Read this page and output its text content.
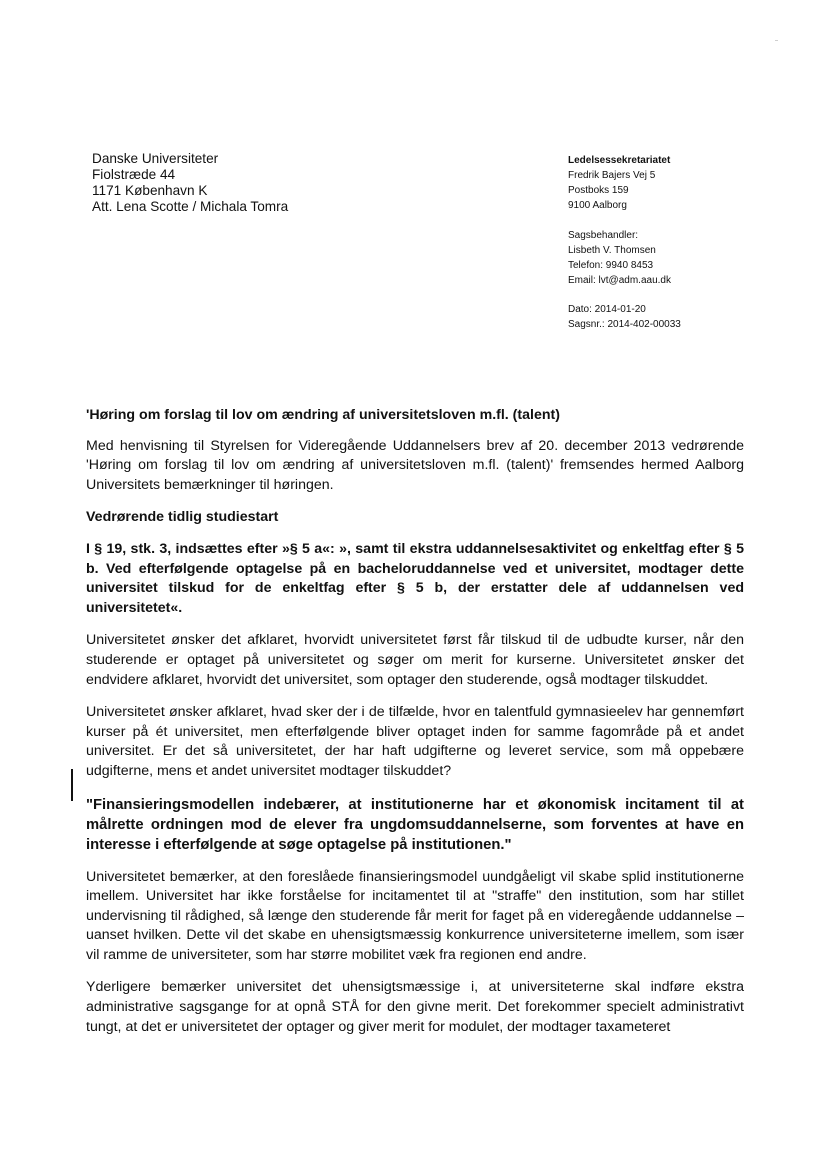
Danske Universiteter
Fiolstræde 44
1171 København K
Att. Lena Scotte / Michala Tomra
Ledelsessekretariatet
Fredrik Bajers Vej 5
Postboks 159
9100 Aalborg
Sagsbehandler:
Lisbeth V. Thomsen
Telefon: 9940 8453
Email: lvt@adm.aau.dk
Dato: 2014-01-20
Sagsnr.: 2014-402-00033
'Høring om forslag til lov om ændring af universitetsloven m.fl. (talent)

Med henvisning til Styrelsen for Videregående Uddannelsers brev af 20. december 2013 vedrørende 'Høring om forslag til lov om ændring af universitetsloven m.fl. (talent)' fremsendes hermed Aalborg Universitets bemærkninger til høringen.

Vedrørende tidlig studiestart

I § 19, stk. 3, indsættes efter »§ 5 a«: », samt til ekstra uddannelsesaktivitet og enkeltfag efter § 5 b. Ved efterfølgende optagelse på en bacheloruddannelse ved et universitet, modtager dette universitet tilskud for de enkeltfag efter § 5 b, der erstatter dele af uddannelsen ved universitetet«.

Universitetet ønsker det afklaret, hvorvidt universitetet først får tilskud til de udbudte kurser, når den studerende er optaget på universitetet og søger om merit for kurserne. Universitetet ønsker det endvidere afklaret, hvorvidt det universitet, som optager den studerende, også modtager tilskuddet.

Universitetet ønsker afklaret, hvad sker der i de tilfælde, hvor en talentfuld gymnasieelev har gennemført kurser på ét universitet, men efterfølgende bliver optaget inden for samme fagområde på et andet universitet. Er det så universitetet, der har haft udgifterne og leveret service, som må oppebære udgifterne, mens et andet universitet modtager tilskuddet?

"Finansieringsmodellen indebærer, at institutionerne har et økonomisk incitament til at målrette ordningen mod de elever fra ungdomsuddannelserne, som forventes at have en interesse i efterfølgende at søge optagelse på institutionen."

Universitetet bemærker, at den foreslåede finansieringsmodel uundgåeligt vil skabe splid institutionerne imellem. Universitet har ikke forståelse for incitamentet til at "straffe" den institution, som har stillet undervisning til rådighed, så længe den studerende får merit for faget på en videregående uddannelse – uanset hvilken. Dette vil det skabe en uhensigtsmæssig konkurrence universiteterne imellem, som især vil ramme de universiteter, som har større mobilitet væk fra regionen end andre.

Yderligere bemærker universitet det uhensigtsmæssige i, at universiteterne skal indføre ekstra administrative sagsgange for at opnå STÅ for den givne merit. Det forekommer specielt administrativt tungt, at det er universitetet der optager og giver merit for modulet, der modtager taxameteret
